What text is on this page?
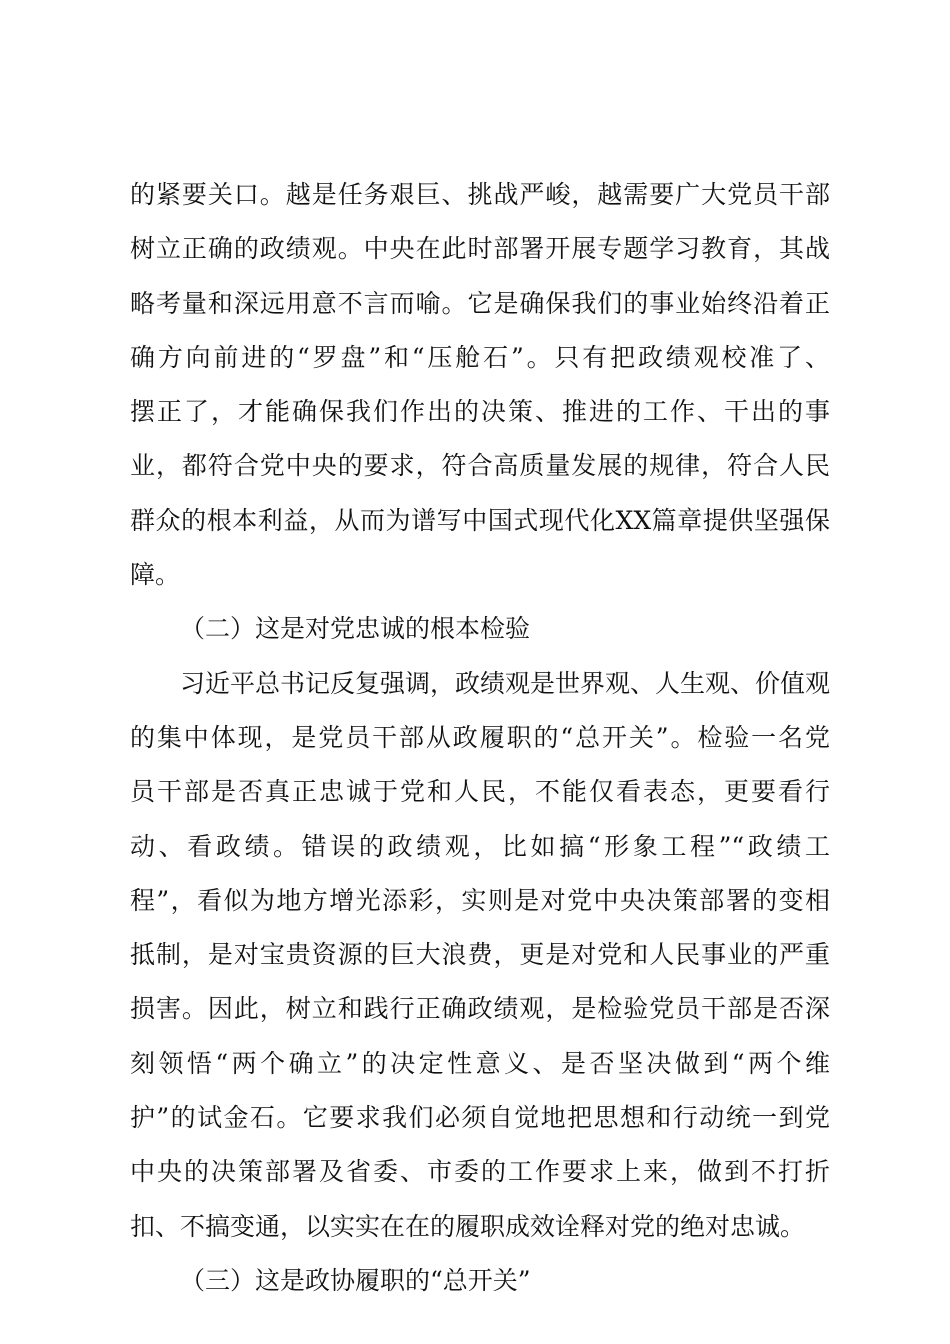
的紧要关口。越是任务艰巨、挑战严峻，越需要广大党员干部
树立正确的政绩观。中央在此时部署开展专题学习教育，其战
略考量和深远用意不言而喻。它是确保我们的事业始终沿着正
确方向前进的“罗盘”和“压舱石”。只有把政绩观校准了、
摆正了，才能确保我们作出的决策、推进的工作、干出的事
业，都符合党中央的要求，符合高质量发展的规律，符合人民
群众的根本利益，从而为谱写中国式现代化XX篇章提供坚强保
障。
（二）这是对党忠诚的根本检验
习近平总书记反复强调，政绩观是世界观、人生观、价值观
的集中体现，是党员干部从政履职的“总开关”。检验一名党
员干部是否真正忠诚于党和人民，不能仅看表态，更要看行
动、看政绩。错误的政绩观，比如搞“形象工程”“政绩工
程”，看似为地方增光添彩，实则是对党中央决策部署的变相
抵制，是对宝贵资源的巨大浪费，更是对党和人民事业的严重
损害。因此，树立和践行正确政绩观，是检验党员干部是否深
刻领悟“两个确立”的决定性意义、是否坚决做到“两个维
护”的试金石。它要求我们必须自觉地把思想和行动统一到党
中央的决策部署及省委、市委的工作要求上来，做到不打折
扣、不搞变通，以实实在在的履职成效诠释对党的绝对忠诚。
（三）这是政协履职的“总开关”
